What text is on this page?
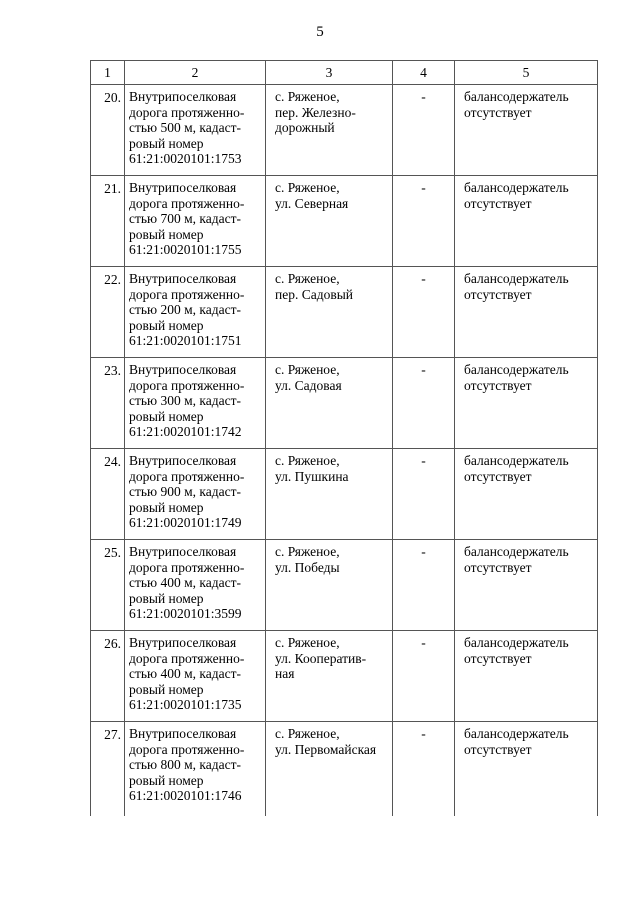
5
1	2	3	4	5
20.	Внутрипоселковая
дорога протяженно-
стью 500 м, кадаст-
ровый номер
61:21:0020101:1753	с. Ряженое,
пер. Железно-
дорожный	-	балансодержатель
отсутствует
21.	Внутрипоселковая
дорога протяженно-
стью 700 м, кадаст-
ровый номер
61:21:0020101:1755	с. Ряженое,
ул. Северная	-	балансодержатель
отсутствует
22.	Внутрипоселковая
дорога протяженно-
стью 200 м, кадаст-
ровый номер
61:21:0020101:1751	с. Ряженое,
пер. Садовый	-	балансодержатель
отсутствует
23.	Внутрипоселковая
дорога протяженно-
стью 300 м, кадаст-
ровый номер
61:21:0020101:1742	с. Ряженое,
ул. Садовая	-	балансодержатель
отсутствует
24.	Внутрипоселковая
дорога протяженно-
стью 900 м, кадаст-
ровый номер
61:21:0020101:1749	с. Ряженое,
ул. Пушкина	-	балансодержатель
отсутствует
25.	Внутрипоселковая
дорога протяженно-
стью 400 м, кадаст-
ровый номер
61:21:0020101:3599	с. Ряженое,
ул. Победы	-	балансодержатель
отсутствует
26.	Внутрипоселковая
дорога протяженно-
стью 400 м, кадаст-
ровый номер
61:21:0020101:1735	с. Ряженое,
ул. Кооператив-
ная	-	балансодержатель
отсутствует
27.	Внутрипоселковая
дорога протяженно-
стью 800 м, кадаст-
ровый номер
61:21:0020101:1746	с. Ряженое,
ул. Первомайская	-	балансодержатель
отсутствует
